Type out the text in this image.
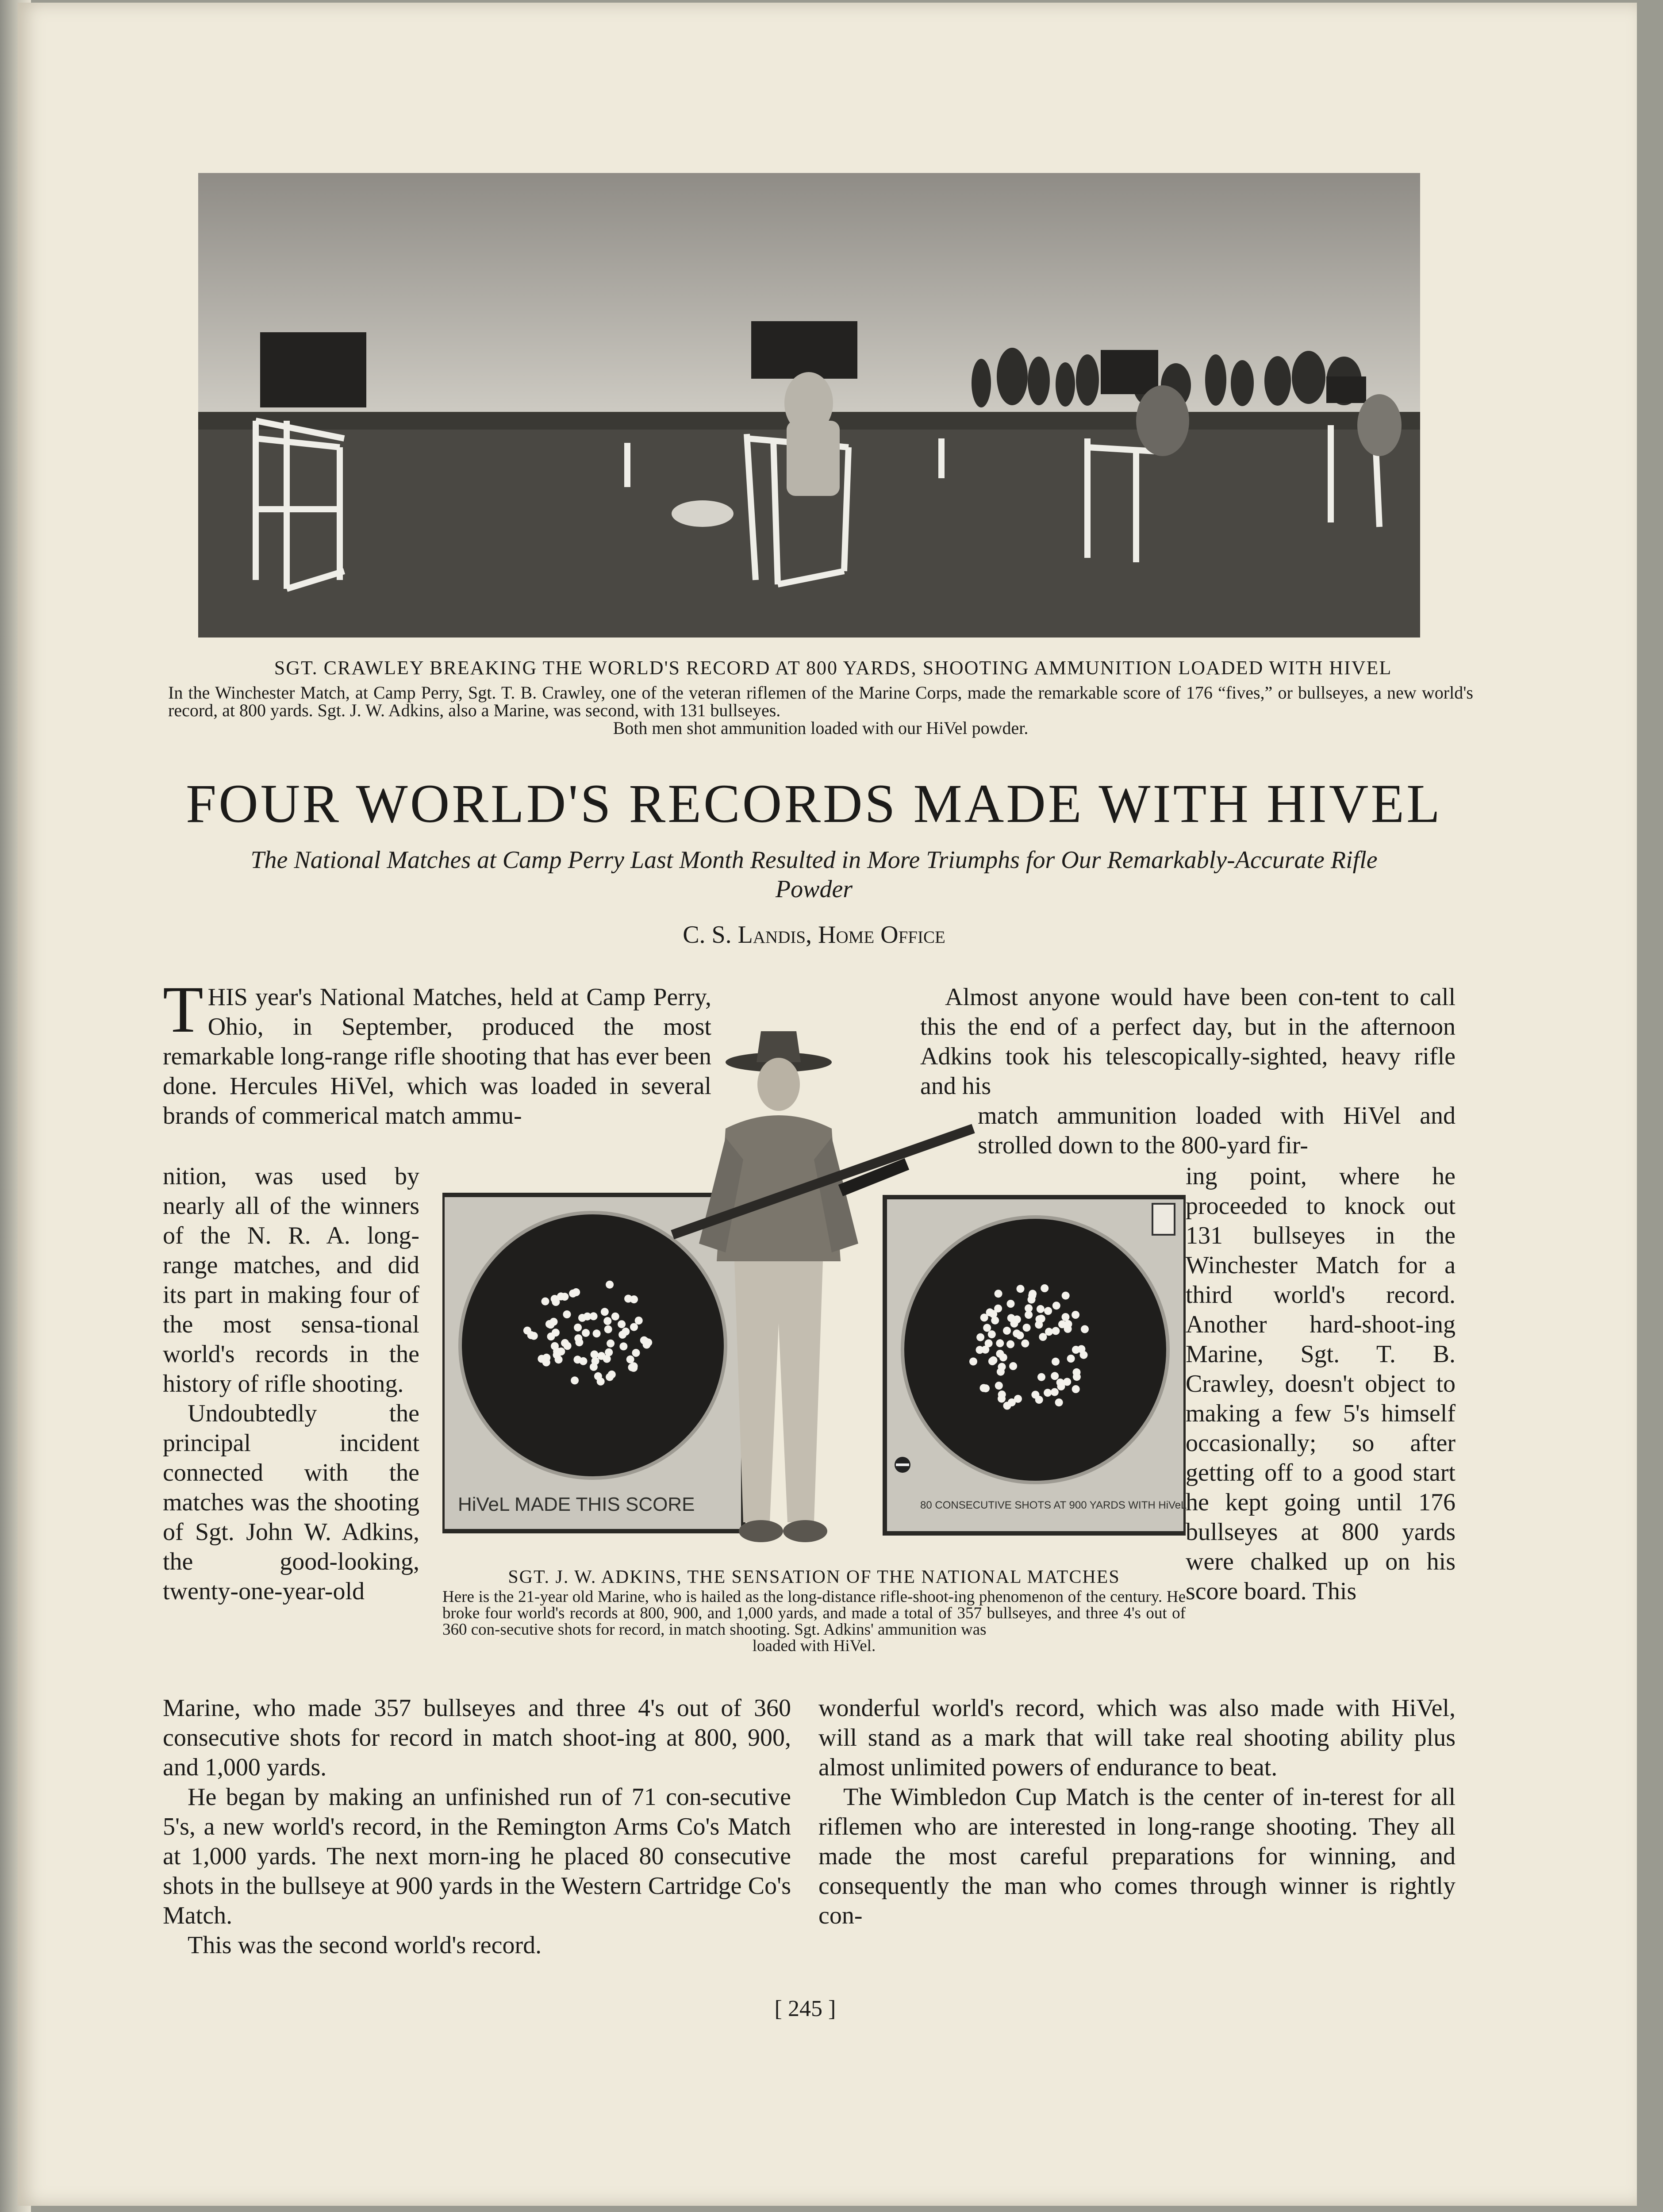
SGT. CRAWLEY BREAKING THE WORLD'S RECORD AT 800 YARDS, SHOOTING AMMUNITION LOADED WITH HIVEL
In the Winchester Match, at Camp Perry, Sgt. T. B. Crawley, one of the veteran riflemen of the Marine Corps, made the remarkable score of 176 “fives,” or bullseyes, a new world's record, at 800 yards. Sgt. J. W. Adkins, also a Marine, was second, with 131 bullseyes.
Both men shot ammunition loaded with our HiVel powder.
FOUR WORLD'S RECORDS MADE WITH HIVEL
The National Matches at Camp Perry Last Month Resulted in More Triumphs for Our Remarkably-Accurate Rifle Powder
C. S. Landis, Home Office

THIS year's National Matches, held at Camp Perry, Ohio, in September, produced the most remarkable long-range rifle shooting that has ever been done. Hercules HiVel, which was loaded in several brands of commerical match ammu-

nition, was used by nearly all of the winners of the N. R. A. long-range matches, and did its part in making four of the most sensa-tional world's records in the history of rifle shooting.

Undoubtedly the principal incident connected with the matches was the shooting of Sgt. John W. Adkins, the good-looking, twenty-one-year-old

Marine, who made 357 bullseyes and three 4's out of 360 consecutive shots for record in match shoot-ing at 800, 900, and 1,000 yards.

He began by making an unfinished run of 71 con-secutive 5's, a new world's record, in the Remington Arms Co's Match at 1,000 yards. The next morn-ing he placed 80 consecutive shots in the bullseye at 900 yards in the Western Cartridge Co's Match.

This was the second world's record.

Almost anyone would have been con-tent to call this the end of a perfect day, but in the afternoon Adkins took his telescopically-sighted, heavy rifle and his

match ammunition loaded with HiVel and strolled down to the 800-yard fir-

ing point, where he proceeded to knock out 131 bullseyes in the Winchester Match for a third world's record. Another hard-shoot-ing Marine, Sgt. T. B. Crawley, doesn't object to making a few 5's himself occasionally; so after getting off to a good start he kept going until 176 bullseyes at 800 yards were chalked up on his score board. This

wonderful world's record, which was also made with HiVel, will stand as a mark that will take real shooting ability plus almost unlimited powers of endurance to beat.

The Wimbledon Cup Match is the center of in-terest for all riflemen who are interested in long-range shooting. They all made the most careful preparations for winning, and consequently the man who comes through winner is rightly con-

HiVeL MADE THIS SCORE	80 CONSECUTIVE SHOTS AT 900 YARDS WITH HiVeL
SGT. J. W. ADKINS, THE SENSATION OF THE NATIONAL MATCHES
Here is the 21-year old Marine, who is hailed as the long-distance rifle-shoot-ing phenomenon of the century. He broke four world's records at 800, 900, and 1,000 yards, and made a total of 357 bullseyes, and three 4's out of 360 con-secutive shots for record, in match shooting. Sgt. Adkins' ammunition was
loaded with HiVel.
[ 245 ]
